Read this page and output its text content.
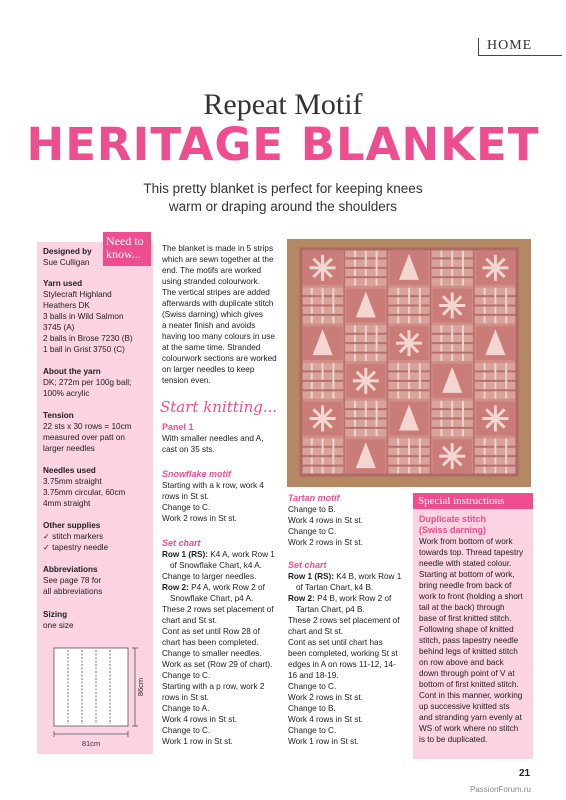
HOME
Repeat Motif
HERITAGE BLANKET
This pretty blanket is perfect for keeping knees
warm or draping around the shoulders
Need to
know...
Designed by
Sue Culligan
Yarn used
Stylecraft Highland
Heathers DK
3 balls in Wild Salmon
3745 (A)
2 balls in Brose 7230 (B)
1 ball in Grist 3750 (C)
About the yarn
DK; 272m per 100g ball;
100% acrylic
Tension
22 sts x 30 rows = 10cm
measured over patt on
larger needles
Needles used
3.75mm straight
3.75mm circular, 60cm
4mm straight
Other supplies
✓ stitch markers
✓ tapestry needle
Abbreviations
See page 78 for
all abbreviations
Sizing
one size
81cm
86cm
The blanket is made in 5 strips
which are sewn together at the
end. The motifs are worked
using stranded colourwork.
The vertical stripes are added
afterwards with duplicate stitch
(Swiss darning) which gives
a neater finish and avoids
having too many colours in use
at the same time. Stranded
colourwork sections are worked
on larger needles to keep
tension even.
Start knitting...
Panel 1
With smaller needles and A,
cast on 35 sts.
Snowflake motif
Starting with a k row, work 4
rows in St st.
Change to C.
Work 2 rows in St st.
Set chart
Row 1 (RS): K4 A, work Row 1
of Snowflake Chart, k4 A.
Change to larger needles.
Row 2: P4 A, work Row 2 of
Snowflake Chart, p4 A.
These 2 rows set placement of
chart and St st.
Cont as set until Row 28 of
chart has been completed.
Change to smaller needles.
Work as set (Row 29 of chart).
Change to C.
Starting with a p row, work 2
rows in St st.
Change to A.
Work 4 rows in St st.
Change to C.
Work 1 row in St st.
Tartan motif
Change to B.
Work 4 rows in St st.
Change to C.
Work 2 rows in St st.
Set chart
Row 1 (RS): K4 B, work Row 1
of Tartan Chart, k4 B.
Row 2: P4 B, work Row 2 of
Tartan Chart, p4 B.
These 2 rows set placement of
chart and St st.
Cont as set until chart has
been completed, working St st
edges in A on rows 11-12, 14-
16 and 18-19.
Change to C.
Work 2 rows in St st.
Change to B.
Work 4 rows in St st.
Change to C.
Work 1 row in St st.
Special instructions
Duplicate stitch
(Swiss darning)
Work from bottom of work
towards top. Thread tapestry
needle with stated colour.
Starting at bottom of work,
bring needle from back of
work to front (holding a short
tail at the back) through
base of first knitted stitch.
Following shape of knitted
stitch, pass tapestry needle
behind legs of knitted stitch
on row above and back
down through point of V at
bottom of first knitted stitch.
Cont in this manner, working
up successive knitted sts
and stranding yarn evenly at
WS of work where no stitch
is to be duplicated.
21
PassionForum.ru
